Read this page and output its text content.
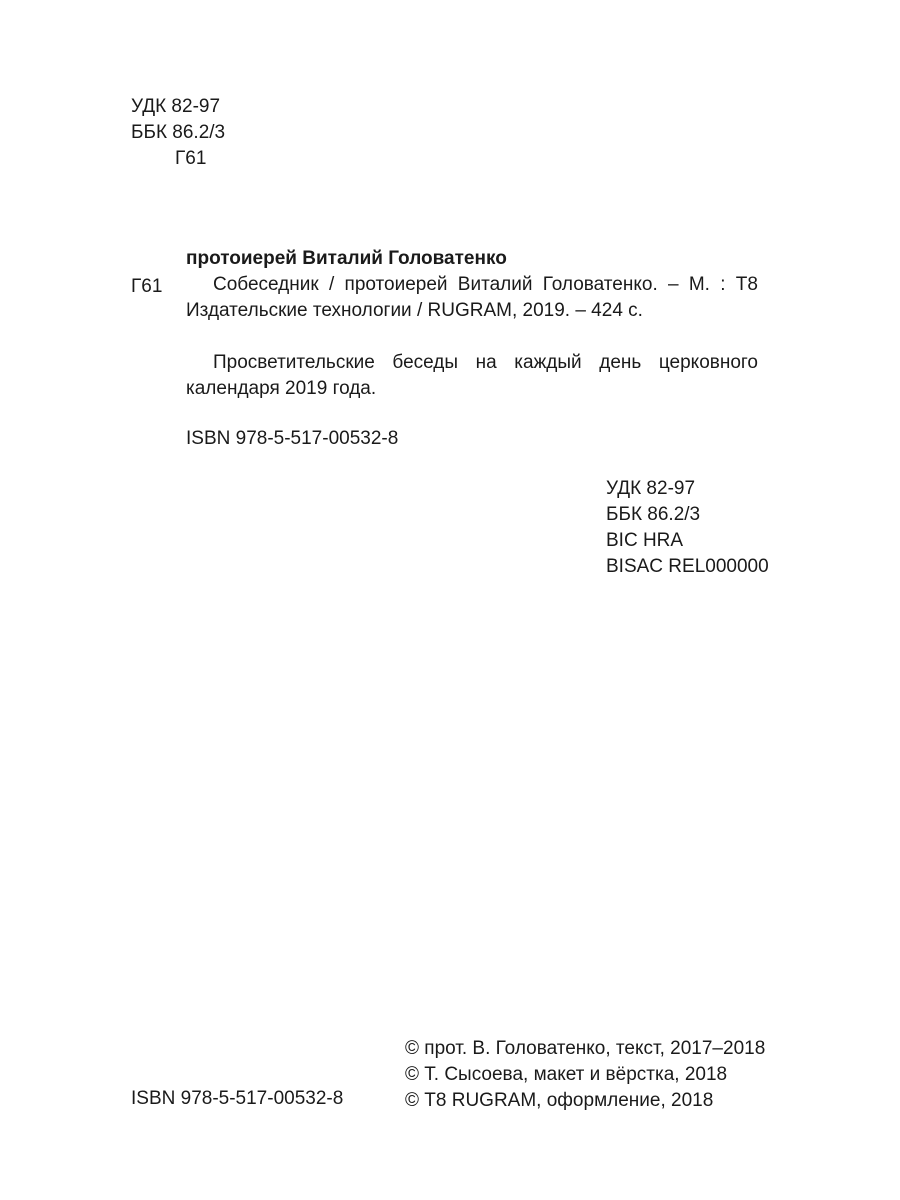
УДК 82-97
ББК 86.2/3
Г61
протоиерей Виталий Головатенко
Г61	Собеседник / протоиерей Виталий Головатенко. – М. : Т8
Издательские технологии / RUGRAM, 2019. – 424 с.
Просветительские беседы на каждый день церковного
календаря 2019 года.
ISBN 978-5-517-00532-8
УДК 82-97
ББК 86.2/3
BIC HRA
BISAC REL000000
© прот. В. Головатенко, текст, 2017–2018
© Т. Сысоева, макет и вёрстка, 2018
© Т8 RUGRAM, оформление, 2018
ISBN 978-5-517-00532-8
